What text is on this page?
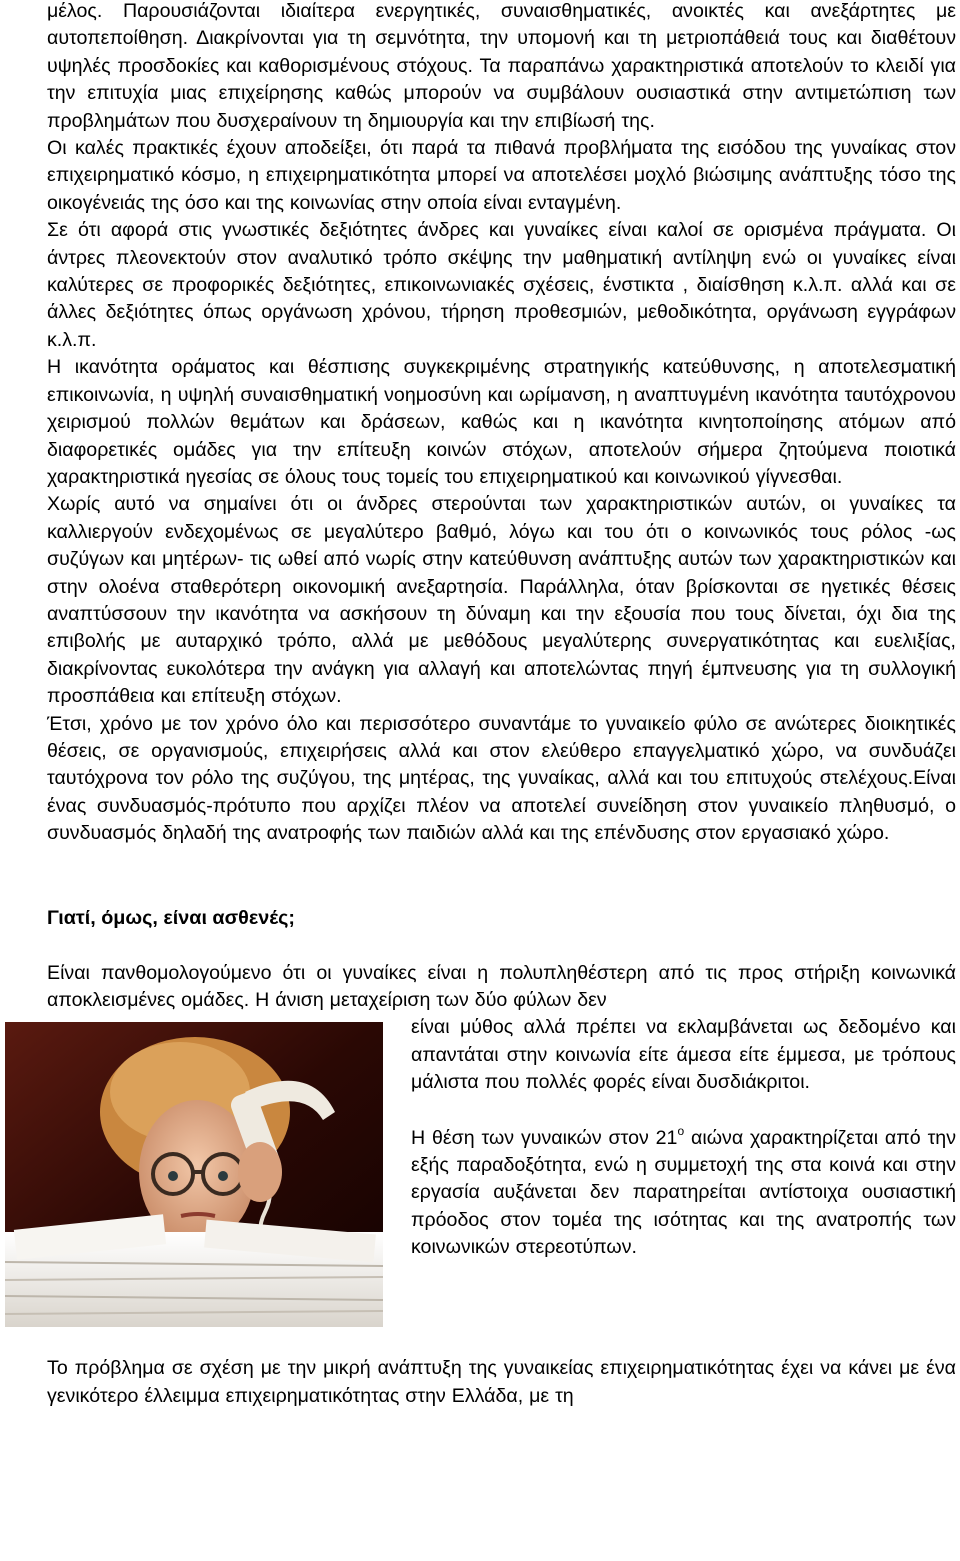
μέλος. Παρουσιάζονται ιδιαίτερα ενεργητικές, συναισθηματικές, ανοικτές και ανεξάρτητες με αυτοπεποίθηση. Διακρίνονται για τη σεμνότητα, την υπομονή και τη μετριοπάθειά τους και διαθέτουν υψηλές προσδοκίες και καθορισμένους στόχους. Τα παραπάνω χαρακτηριστικά αποτελούν το κλειδί για την επιτυχία μιας επιχείρησης καθώς μπορούν να συμβάλουν ουσιαστικά στην αντιμετώπιση των προβλημάτων που δυσχεραίνουν τη δημιουργία και την επιβίωσή της.

Οι καλές πρακτικές έχουν αποδείξει, ότι παρά τα πιθανά προβλήματα της εισόδου της γυναίκας στον επιχειρηματικό κόσμο, η επιχειρηματικότητα μπορεί να αποτελέσει μοχλό βιώσιμης ανάπτυξης τόσο της οικογένειάς της όσο και της κοινωνίας στην οποία είναι ενταγμένη.

Σε ότι αφορά στις γνωστικές δεξιότητες άνδρες και γυναίκες είναι καλοί σε ορισμένα πράγματα. Οι άντρες πλεονεκτούν στον αναλυτικό τρόπο σκέψης την μαθηματική αντίληψη ενώ οι γυναίκες είναι καλύτερες σε προφορικές δεξιότητες, επικοινωνιακές σχέσεις, ένστικτα , διαίσθηση κ.λ.π. αλλά και σε άλλες δεξιότητες όπως οργάνωση χρόνου, τήρηση προθεσμιών, μεθοδικότητα, οργάνωση εγγράφων κ.λ.π.

Η ικανότητα οράματος και θέσπισης συγκεκριμένης στρατηγικής κατεύθυνσης, η αποτελεσματική επικοινωνία, η υψηλή συναισθηματική νοημοσύνη και ωρίμανση, η αναπτυγμένη ικανότητα ταυτόχρονου χειρισμού πολλών θεμάτων και δράσεων, καθώς και η ικανότητα κινητοποίησης ατόμων από διαφορετικές ομάδες για την επίτευξη κοινών στόχων, αποτελούν σήμερα ζητούμενα ποιοτικά χαρακτηριστικά ηγεσίας σε όλους τους τομείς του επιχειρηματικού και κοινωνικού γίγνεσθαι.

Χωρίς αυτό να σημαίνει ότι οι άνδρες στερούνται των χαρακτηριστικών αυτών, οι γυναίκες τα καλλιεργούν ενδεχομένως σε μεγαλύτερο βαθμό, λόγω και του ότι ο κοινωνικός τους ρόλος -ως συζύγων και μητέρων- τις ωθεί από νωρίς στην κατεύθυνση ανάπτυξης αυτών των χαρακτηριστικών και στην ολοένα σταθερότερη οικονομική ανεξαρτησία. Παράλληλα, όταν βρίσκονται σε ηγετικές θέσεις αναπτύσσουν την ικανότητα να ασκήσουν τη δύναμη και την εξουσία που τους δίνεται, όχι δια της επιβολής με αυταρχικό τρόπο, αλλά με μεθόδους μεγαλύτερης συνεργατικότητας και ευελιξίας, διακρίνοντας ευκολότερα την ανάγκη για αλλαγή και αποτελώντας πηγή έμπνευσης για τη συλλογική προσπάθεια και επίτευξη στόχων.

Έτσι, χρόνο με τον χρόνο όλο και περισσότερο συναντάμε το γυναικείο φύλο σε ανώτερες διοικητικές θέσεις, σε οργανισμούς, επιχειρήσεις αλλά και στον ελεύθερο επαγγελματικό χώρο, να συνδυάζει ταυτόχρονα τον ρόλο της συζύγου, της μητέρας, της γυναίκας, αλλά και του επιτυχούς στελέχους.Είναι ένας συνδυασμός-πρότυπο που αρχίζει πλέον να αποτελεί συνείδηση στον γυναικείο πληθυσμό, ο συνδυασμός δηλαδή της ανατροφής των παιδιών αλλά και της επένδυσης στον εργασιακό χώρο.

Γιατί, όμως, είναι ασθενές;

Είναι πανθομολογούμενο ότι οι γυναίκες είναι η πολυπληθέστερη από τις προς στήριξη κοινωνικά αποκλεισμένες ομάδες. Η άνιση μεταχείριση των δύο φύλων δεν

είναι μύθος αλλά πρέπει να εκλαμβάνεται ως δεδομένο και απαντάται στην κοινωνία είτε άμεσα είτε έμμεσα, με τρόπους μάλιστα που πολλές φορές είναι δυσδιάκριτοι.

Η θέση των γυναικών στον $21^o$ αιώνα χαρακτηρίζεται από την εξής παραδοξότητα, ενώ η συμμετοχή της στα κοινά και στην εργασία αυξάνεται δεν παρατηρείται αντίστοιχα ουσιαστική πρόοδος στον τομέα της ισότητας και της ανατροπής των κοινωνικών στερεοτύπων.

Το πρόβλημα σε σχέση με την μικρή ανάπτυξη της γυναικείας επιχειρηματικότητας έχει να κάνει με ένα γενικότερο έλλειμμα επιχειρηματικότητας στην Ελλάδα, με τη
